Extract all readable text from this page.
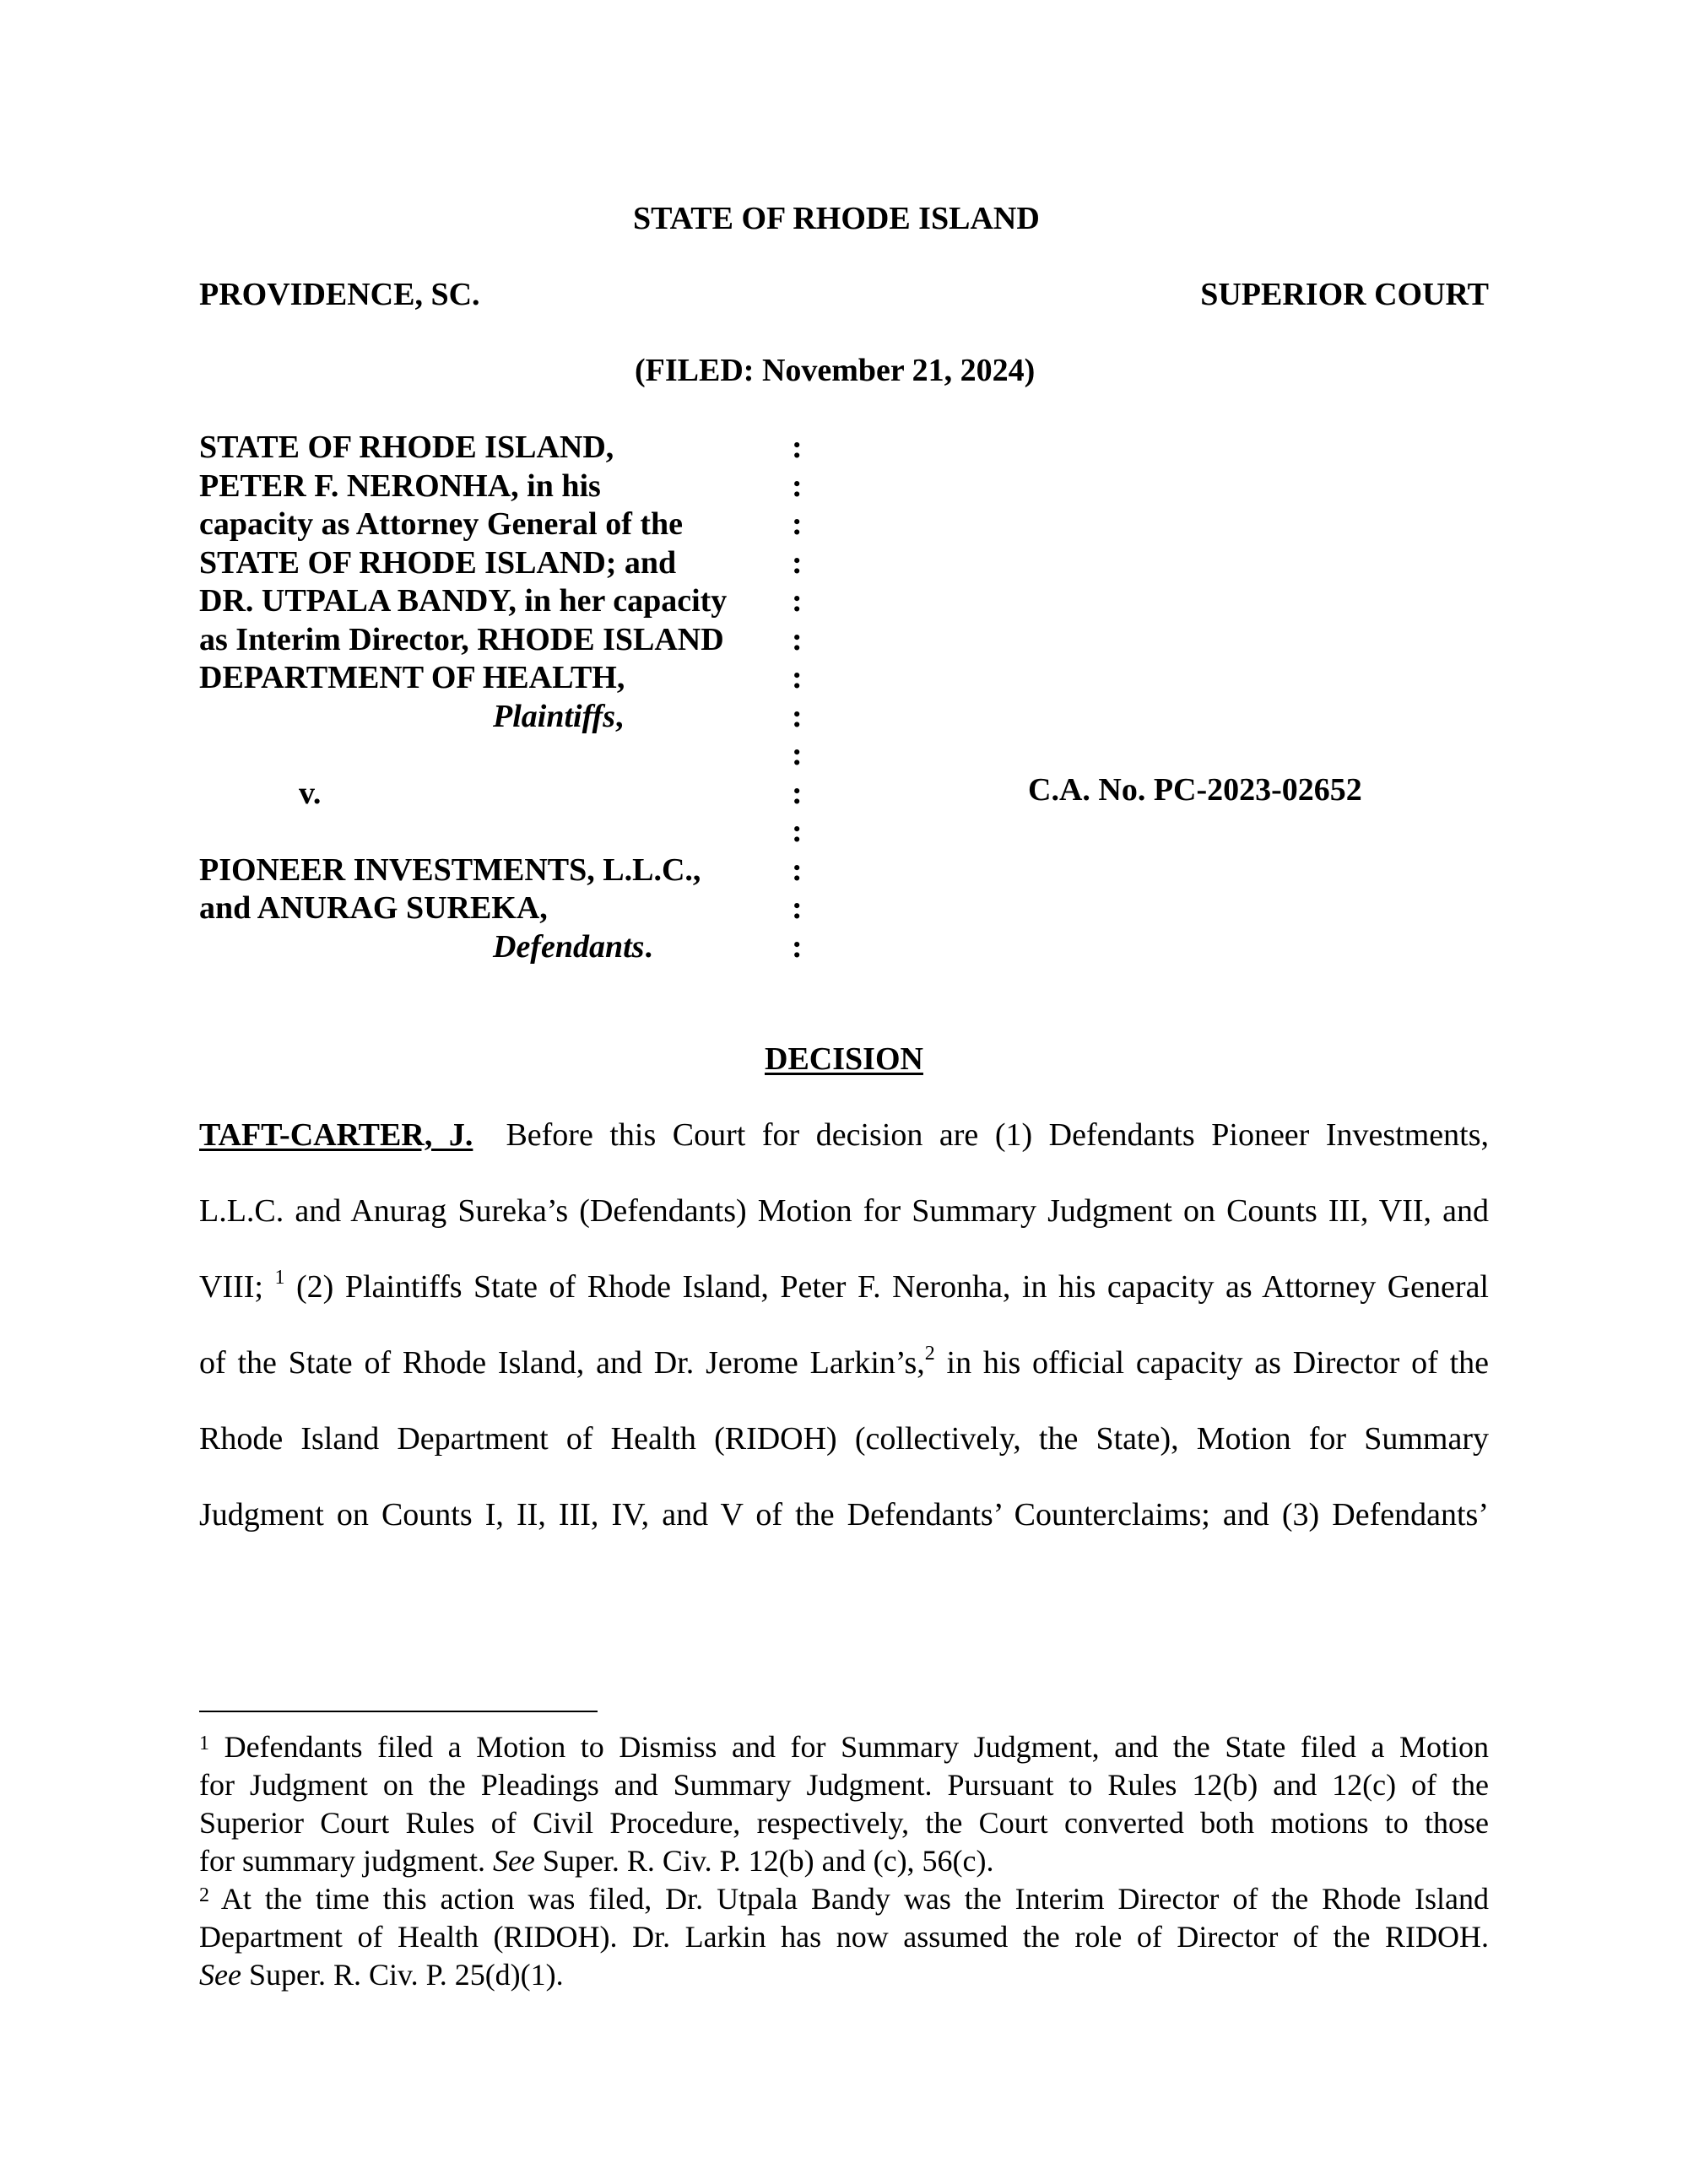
STATE OF RHODE ISLAND
PROVIDENCE, SC.	SUPERIOR COURT
(FILED: November 21, 2024)
STATE OF RHODE ISLAND,
PETER F. NERONHA, in his
capacity as Attorney General of the
STATE OF RHODE ISLAND; and
DR. UTPALA BANDY, in her capacity
as Interim Director, RHODE ISLAND
DEPARTMENT OF HEALTH,
Plaintiffs,
v.
PIONEER INVESTMENTS, L.L.C.,
and ANURAG SUREKA,
Defendants.
:
:
:
:
:
:
:
:
:
:
:
:
:
:
C.A. No. PC-2023-02652
DECISION
TAFT-CARTER, J. Before this Court for decision are (1) Defendants Pioneer Investments,
L.L.C. and Anurag Sureka’s (Defendants) Motion for Summary Judgment on Counts III, VII, and
VIII; $^1$ (2) Plaintiffs State of Rhode Island, Peter F. Neronha, in his capacity as Attorney General
of the State of Rhode Island, and Dr. Jerome Larkin’s,$^2$ in his official capacity as Director of the
Rhode Island Department of Health (RIDOH) (collectively, the State), Motion for Summary
Judgment on Counts I, II, III, IV, and V of the Defendants’ Counterclaims; and (3) Defendants’
$^1$ Defendants filed a Motion to Dismiss and for Summary Judgment, and the State filed a Motion
for Judgment on the Pleadings and Summary Judgment. Pursuant to Rules 12(b) and 12(c) of the
Superior Court Rules of Civil Procedure, respectively, the Court converted both motions to those
for summary judgment. See Super. R. Civ. P. 12(b) and (c), 56(c).
$^2$ At the time this action was filed, Dr. Utpala Bandy was the Interim Director of the Rhode Island
Department of Health (RIDOH). Dr. Larkin has now assumed the role of Director of the RIDOH.
See Super. R. Civ. P. 25(d)(1).
